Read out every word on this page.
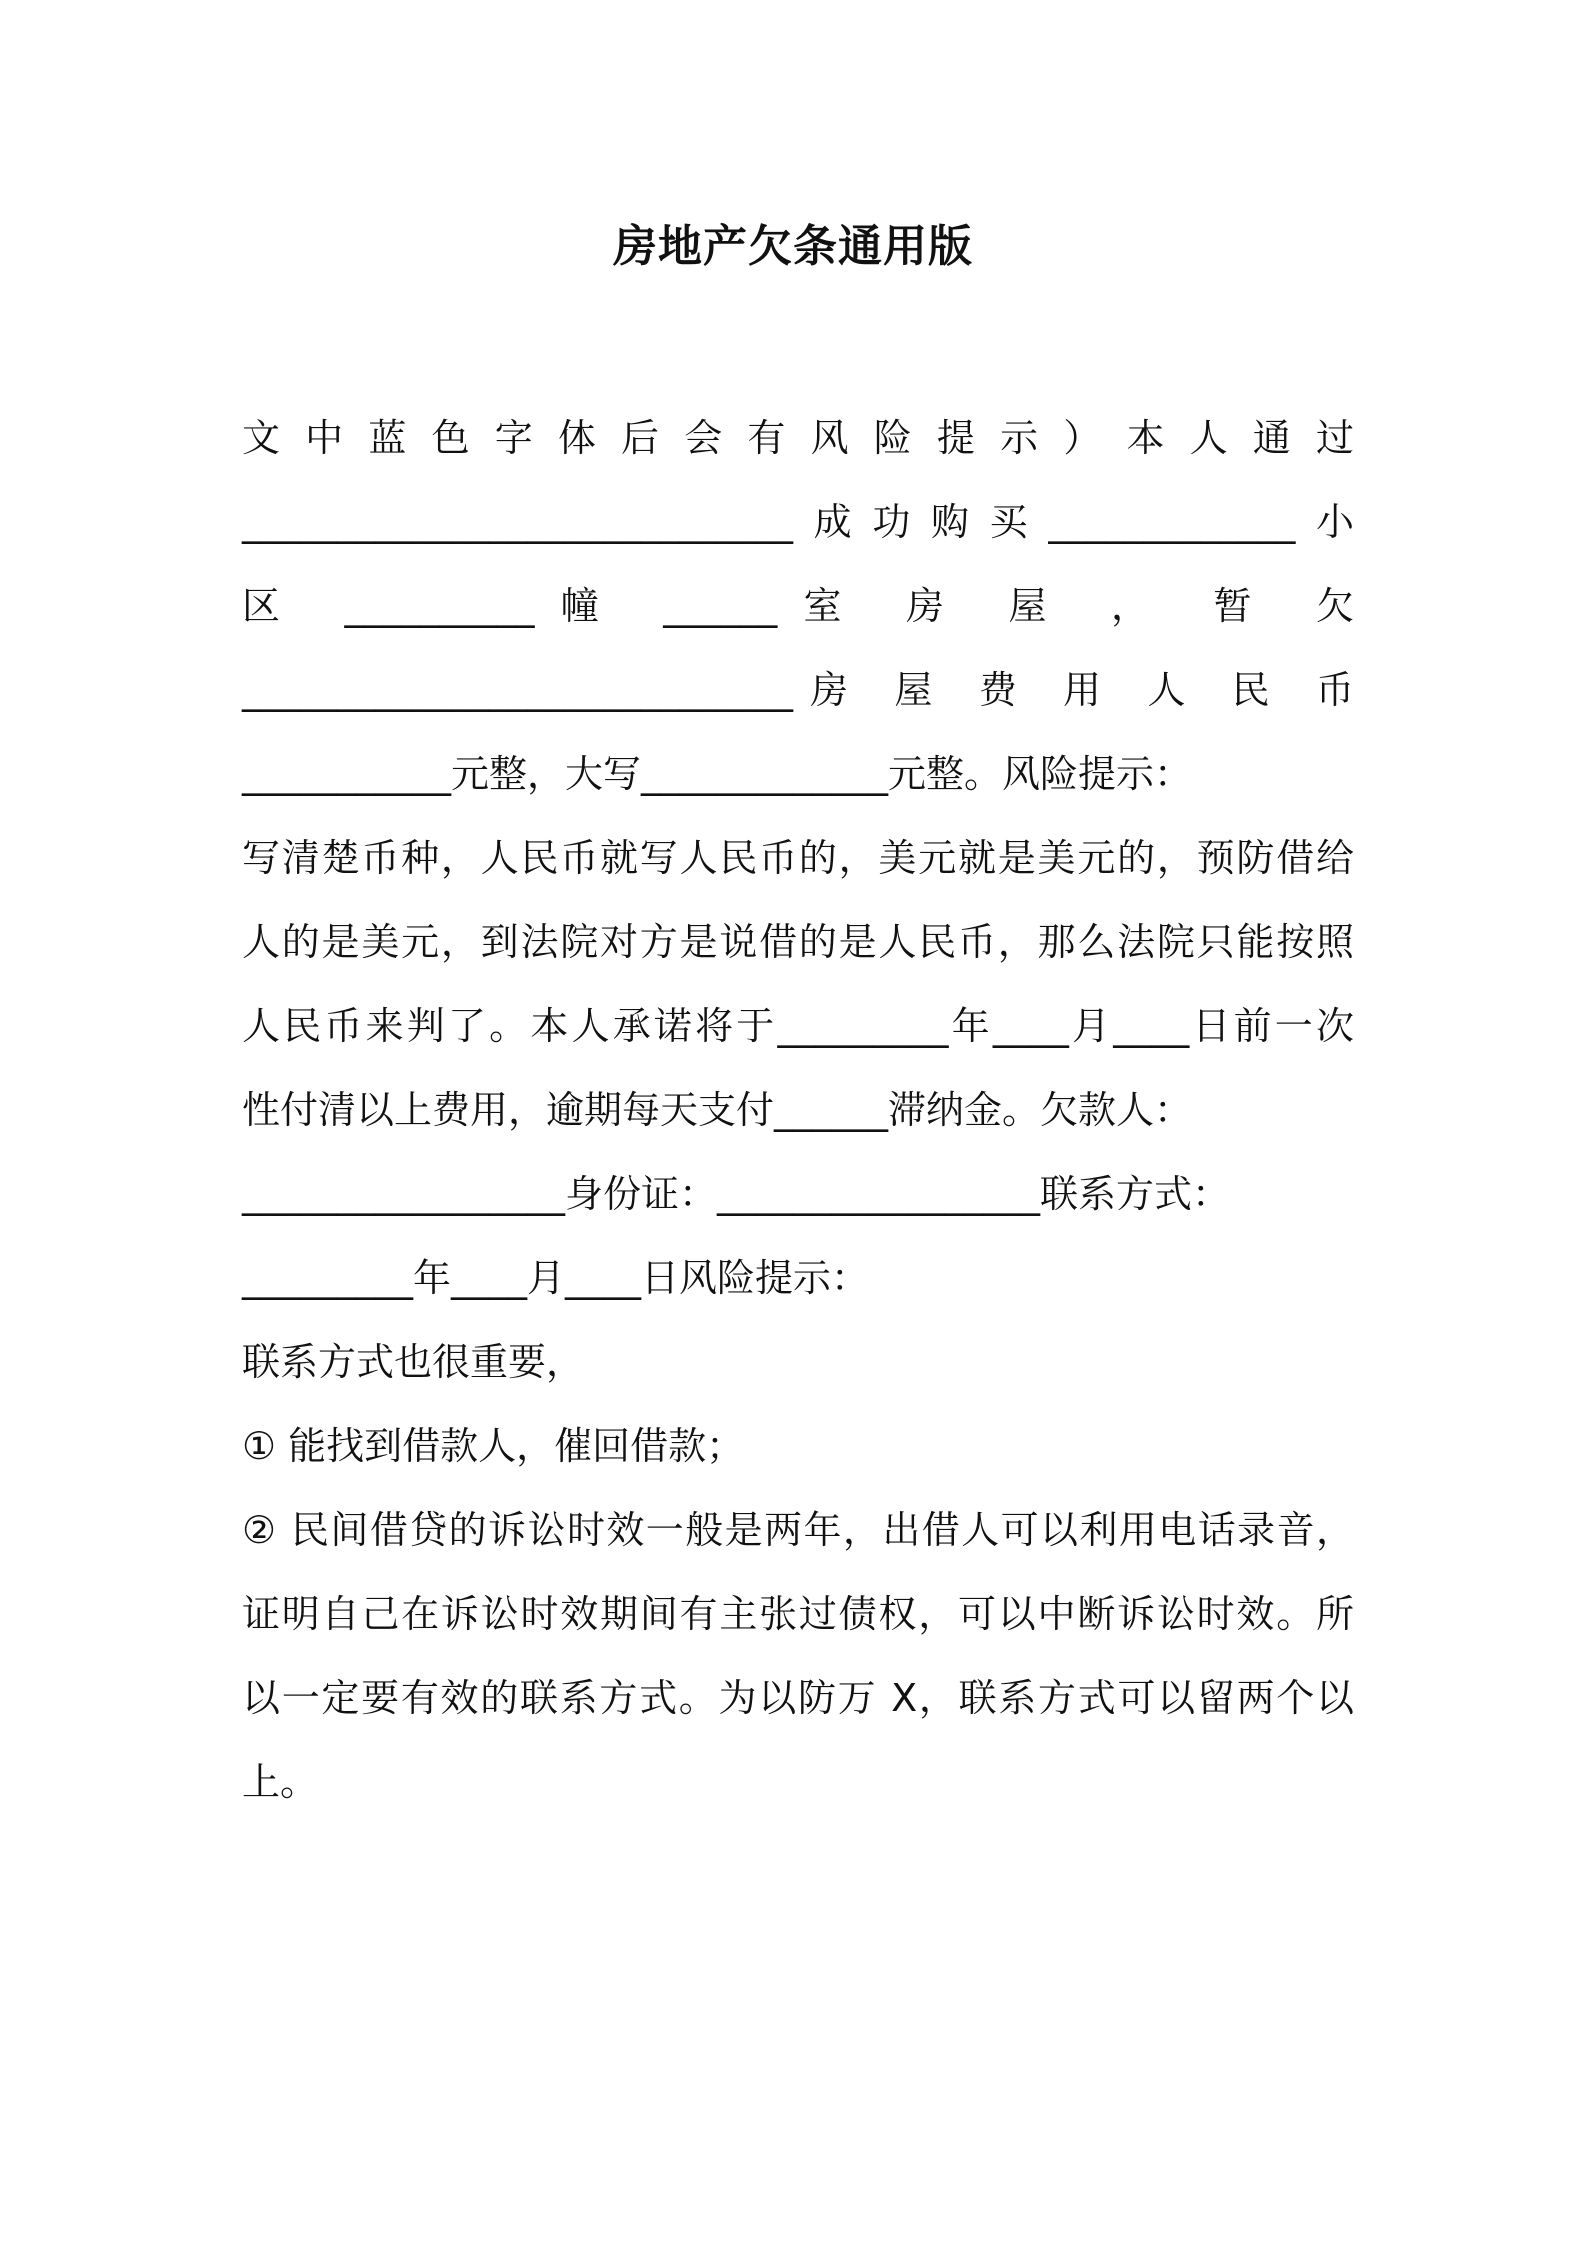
房地产欠条通用版
文 中 蓝 色 字 体 后 会 有 风 险 提 示 ） 本 人 通 过
_____________________________成功购买_____________小
区 __________幢 ______室 房 屋 ， 暂 欠
_____________________________房 屋 费 用 人 民 币
___________元整，大写_____________元整。风险提示：
写清楚币种，人民币就写人民币的，美元就是美元的，预防借给
人的是美元，到法院对方是说借的是人民币，那么法院只能按照
人民币来判了。本人承诺将于_________年____月____日前一次
性付清以上费用，逾期每天支付______滞纳金。欠款人：
_________________身份证：_________________联系方式：
_________年____月____日风险提示：
联系方式也很重要，
① 能找到借款人，催回借款；
② 民间借贷的诉讼时效一般是两年，出借人可以利用电话录音，
证明自己在诉讼时效期间有主张过债权，可以中断诉讼时效。所
以一定要有效的联系方式。为以防万 X，联系方式可以留两个以
上。
